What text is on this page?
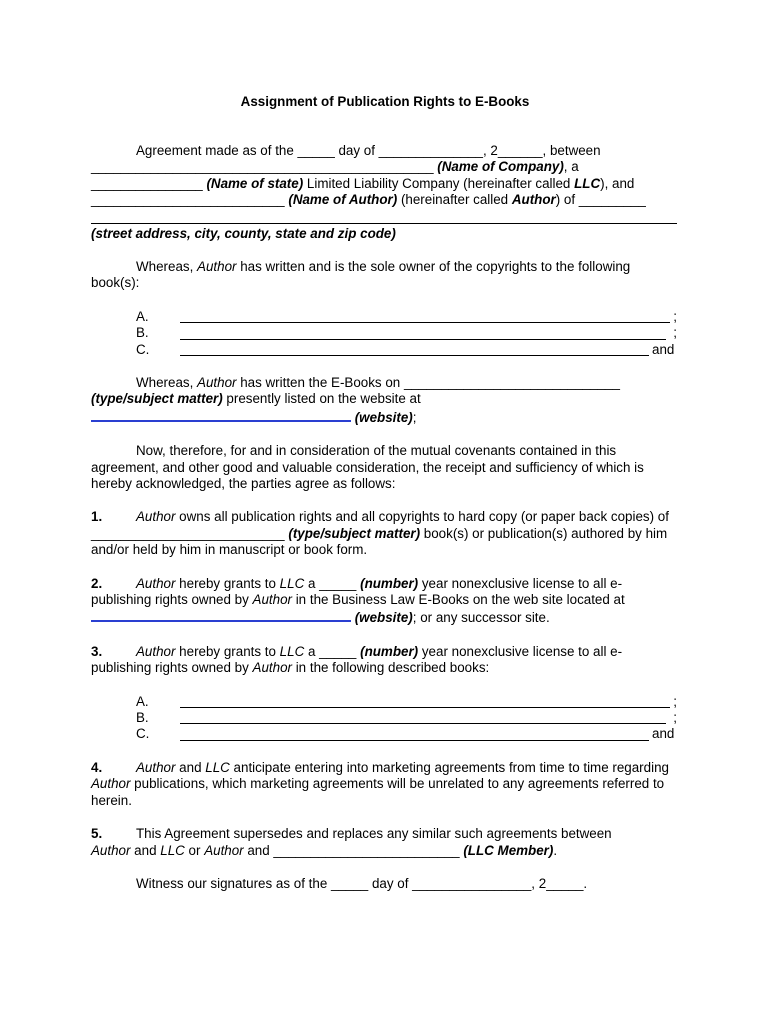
Assignment of Publication Rights to E-Books
Agreement made as of the _____ day of ______________, 2______, between
______________________________________________ (Name of Company), a
_______________ (Name of state) Limited Liability Company (hereinafter called LLC), and
__________________________ (Name of Author) (hereinafter called Author) of _________
(street address, city, county, state and zip code)

Whereas, Author has written and is the sole owner of the copyrights to the following book(s):

A.	;
B.	;
C.	and

Whereas, Author has written the E-Books on _____________________________
(type/subject matter) presently listed on the website at
(website);

Now, therefore, for and in consideration of the mutual covenants contained in this agreement, and other good and valuable consideration, the receipt and sufficiency of which is hereby acknowledged, the parties agree as follows:

1.	Author owns all publication rights and all copyrights to hard copy (or paper back copies) of __________________________ (type/subject matter) book(s) or publication(s) authored by him and/or held by him in manuscript or book form.

2.	Author hereby grants to LLC a _____ (number) year nonexclusive license to all e-publishing rights owned by Author in the Business Law E-Books on the web site located at
(website); or any successor site.

3.	Author hereby grants to LLC a _____ (number) year nonexclusive license to all e-publishing rights owned by Author in the following described books:

A.	;
B.	;
C.	and

4.	Author and LLC anticipate entering into marketing agreements from time to time regarding Author publications, which marketing agreements will be unrelated to any agreements referred to herein.

5.	This Agreement supersedes and replaces any similar such agreements between
Author and LLC or Author and _________________________ (LLC Member).

Witness our signatures as of the _____ day of ________________, 2_____.
